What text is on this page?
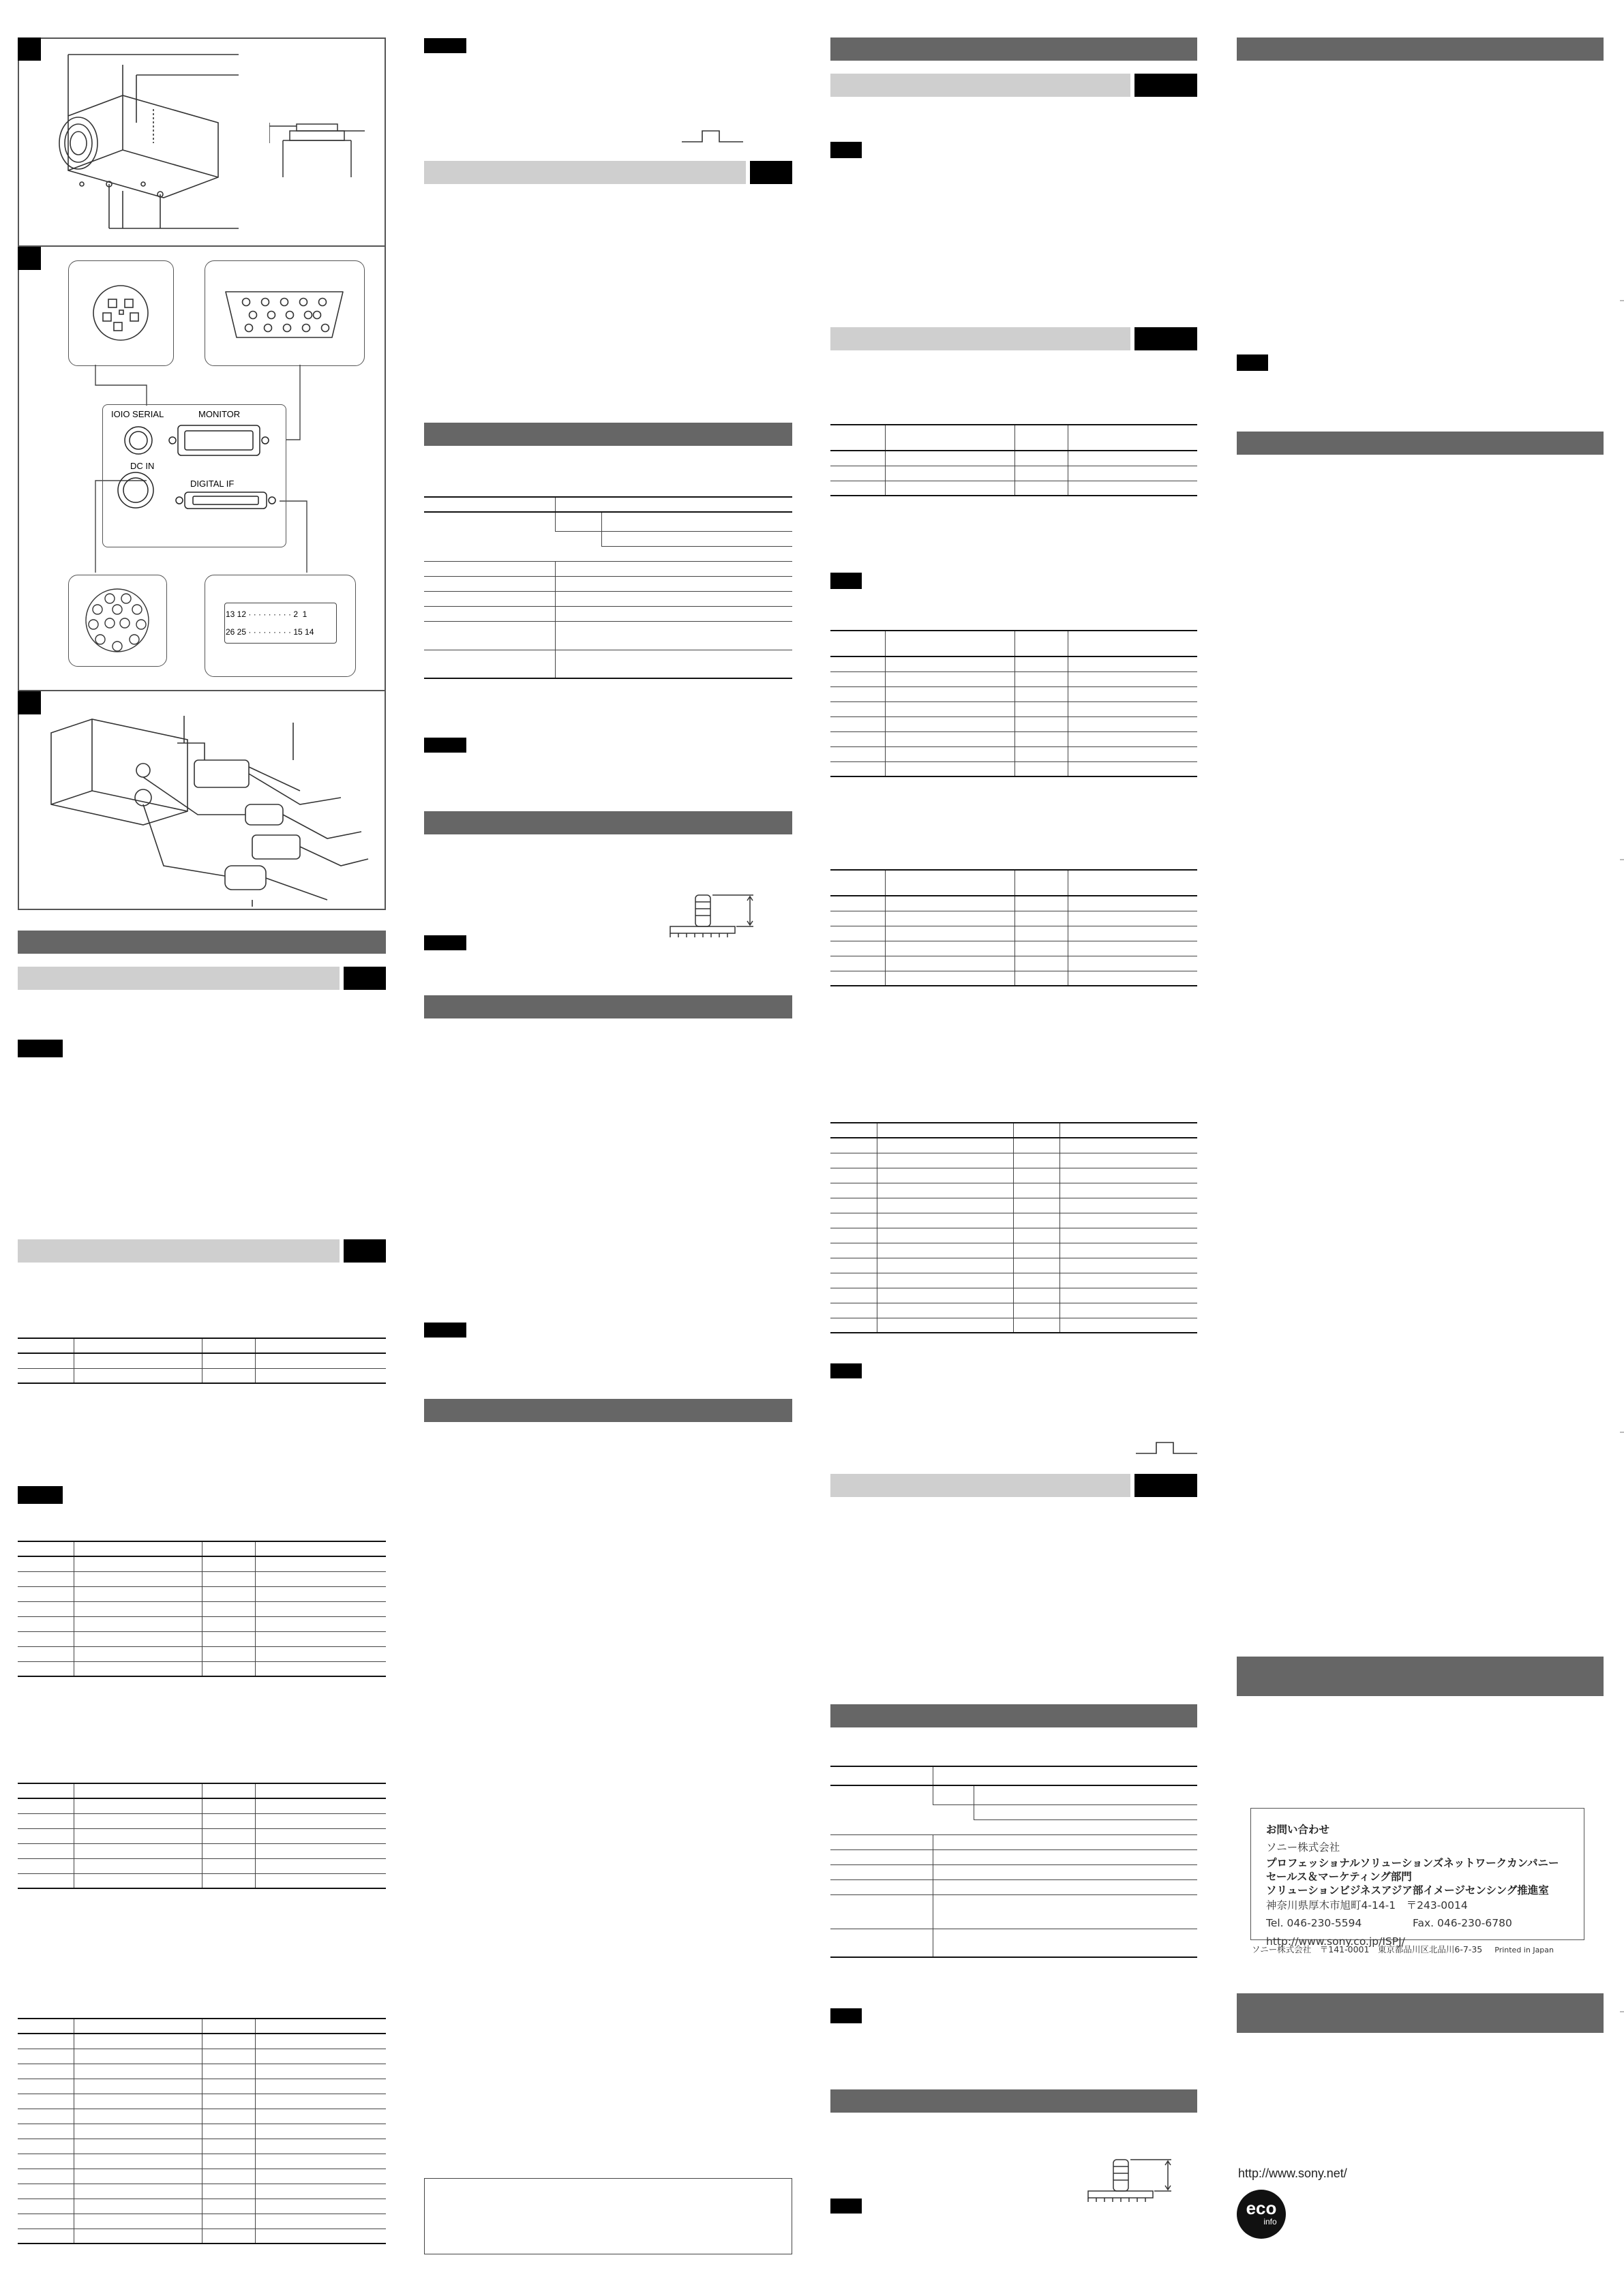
IOIO SERIAL	MONITOR
DC IN
DIGITAL IF
13 12 · · · · · · · · · 2  1
26 25 · · · · · · · · · 15 14

お問い合わせ
ソニー株式会社
プロフェッショナルソリューションズネットワークカンパニー
セールス＆マーケティング部門
ソリューションビジネスアジア部イメージセンシング推進室
神奈川県厚木市旭町4-14-1　〒243-0014
Tel. 046-230-5594	Fax. 046-230-6780
http://www.sony.co.jp/ISPJ/
ソニー株式会社　〒141-0001　東京都品川区北品川6-7-35 Printed in Japan
http://www.sony.net/
eco
info
